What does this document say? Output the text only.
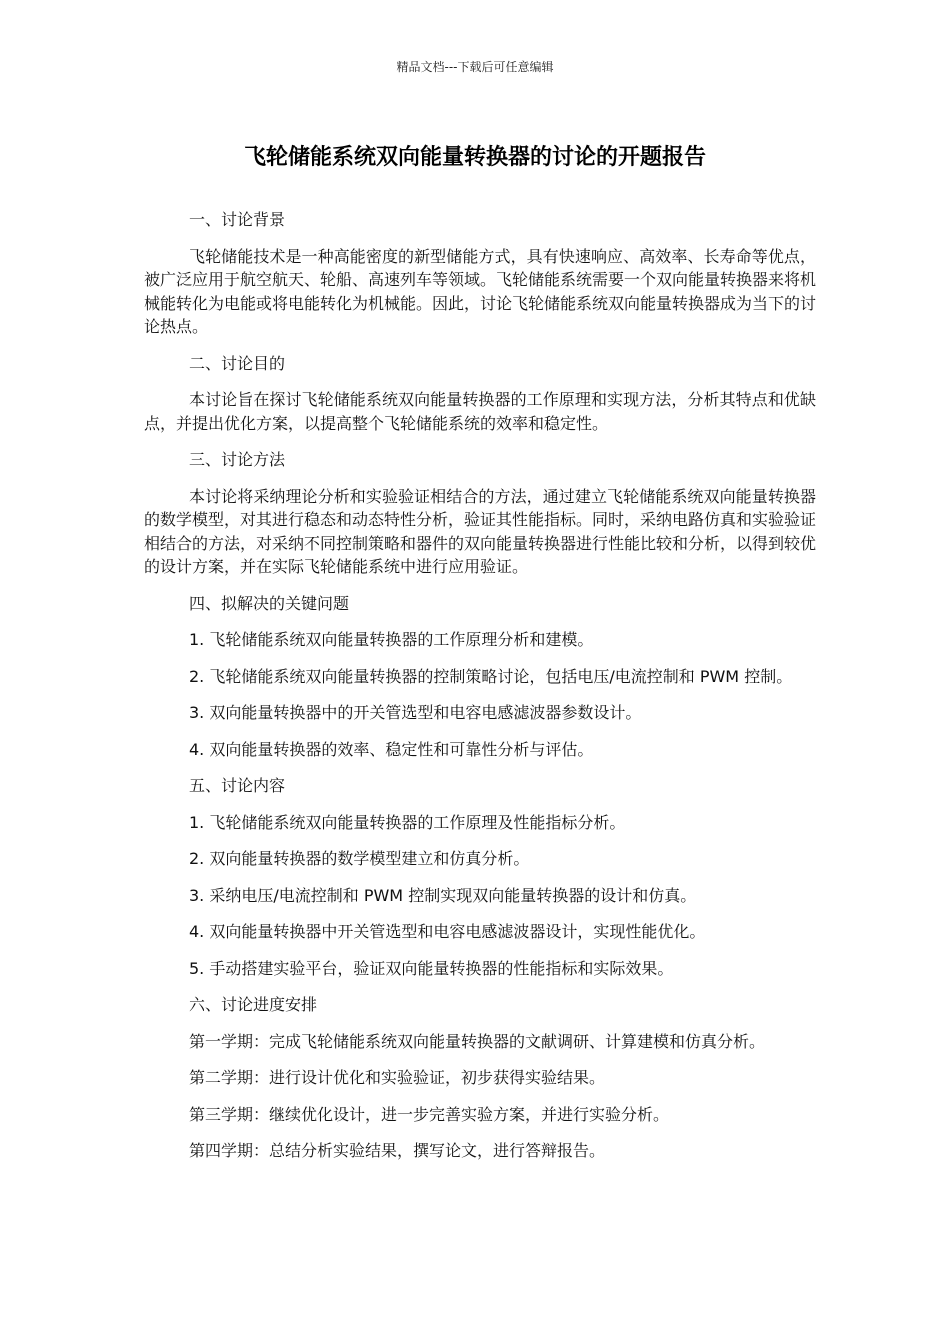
精品文档---下载后可任意编辑
飞轮储能系统双向能量转换器的讨论的开题报告

一、讨论背景

飞轮储能技术是一种高能密度的新型储能方式，具有快速响应、高效率、长寿命等优点，被广泛应用于航空航天、轮船、高速列车等领域。飞轮储能系统需要一个双向能量转换器来将机械能转化为电能或将电能转化为机械能。因此，讨论飞轮储能系统双向能量转换器成为当下的讨论热点。

二、讨论目的

本讨论旨在探讨飞轮储能系统双向能量转换器的工作原理和实现方法，分析其特点和优缺点，并提出优化方案，以提高整个飞轮储能系统的效率和稳定性。

三、讨论方法

本讨论将采纳理论分析和实验验证相结合的方法，通过建立飞轮储能系统双向能量转换器的数学模型，对其进行稳态和动态特性分析，验证其性能指标。同时，采纳电路仿真和实验验证相结合的方法，对采纳不同控制策略和器件的双向能量转换器进行性能比较和分析，以得到较优的设计方案，并在实际飞轮储能系统中进行应用验证。

四、拟解决的关键问题

1. 飞轮储能系统双向能量转换器的工作原理分析和建模。

2. 飞轮储能系统双向能量转换器的控制策略讨论，包括电压/电流控制和 PWM 控制。

3. 双向能量转换器中的开关管选型和电容电感滤波器参数设计。

4. 双向能量转换器的效率、稳定性和可靠性分析与评估。

五、讨论内容

1. 飞轮储能系统双向能量转换器的工作原理及性能指标分析。

2. 双向能量转换器的数学模型建立和仿真分析。

3. 采纳电压/电流控制和 PWM 控制实现双向能量转换器的设计和仿真。

4. 双向能量转换器中开关管选型和电容电感滤波器设计，实现性能优化。

5. 手动搭建实验平台，验证双向能量转换器的性能指标和实际效果。

六、讨论进度安排

第一学期：完成飞轮储能系统双向能量转换器的文献调研、计算建模和仿真分析。

第二学期：进行设计优化和实验验证，初步获得实验结果。

第三学期：继续优化设计，进一步完善实验方案，并进行实验分析。

第四学期：总结分析实验结果，撰写论文，进行答辩报告。
